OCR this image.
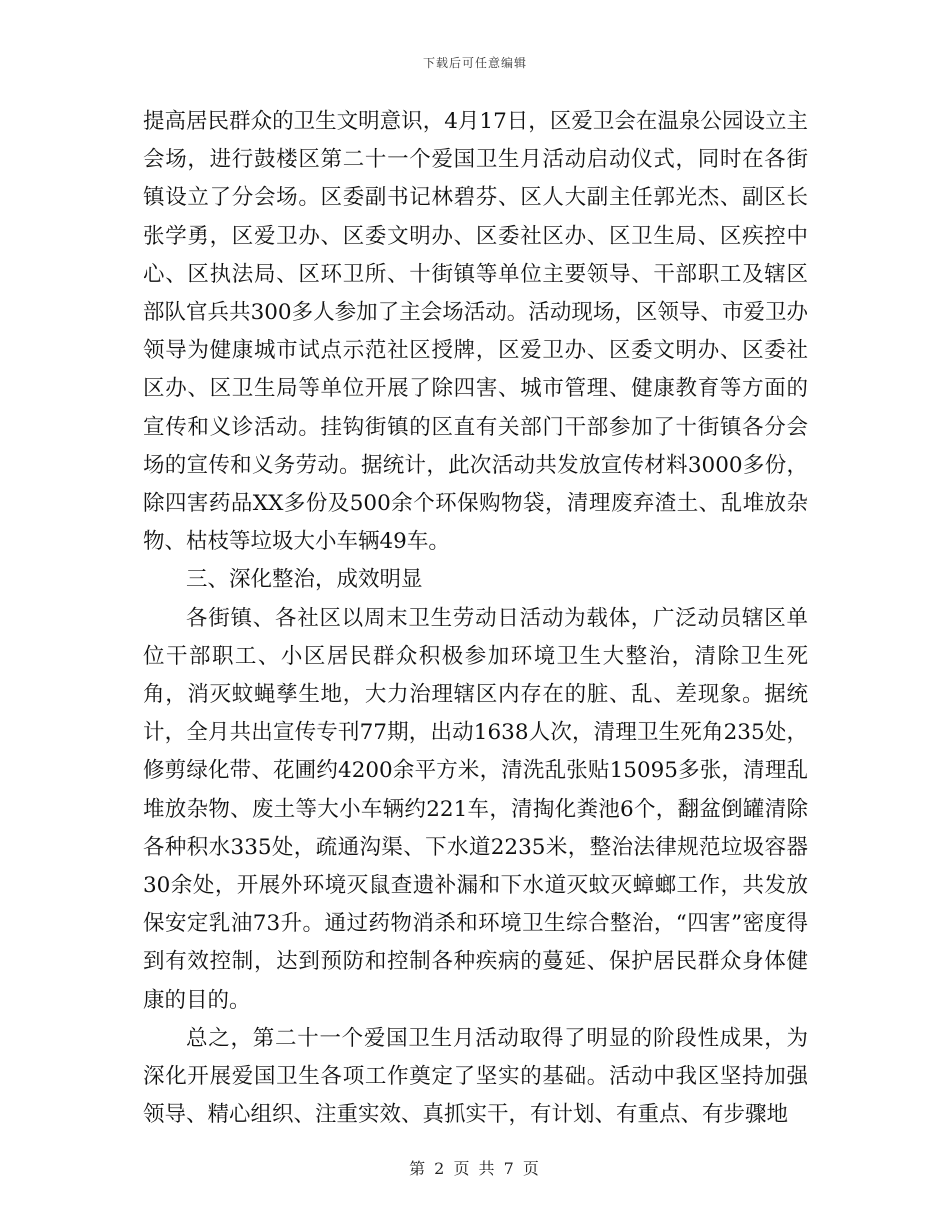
下载后可任意编辑

提高居民群众的卫生文明意识，4月17日，区爱卫会在温泉公园设立主会场，进行鼓楼区第二十一个爱国卫生月活动启动仪式，同时在各街镇设立了分会场。区委副书记林碧芬、区人大副主任郭光杰、副区长张学勇，区爱卫办、区委文明办、区委社区办、区卫生局、区疾控中心、区执法局、区环卫所、十街镇等单位主要领导、干部职工及辖区部队官兵共300多人参加了主会场活动。活动现场，区领导、市爱卫办领导为健康城市试点示范社区授牌，区爱卫办、区委文明办、区委社区办、区卫生局等单位开展了除四害、城市管理、健康教育等方面的宣传和义诊活动。挂钩街镇的区直有关部门干部参加了十街镇各分会场的宣传和义务劳动。据统计，此次活动共发放宣传材料3000多份，除四害药品XX多份及500余个环保购物袋，清理废弃渣土、乱堆放杂物、枯枝等垃圾大小车辆49车。

三、深化整治，成效明显

各街镇、各社区以周末卫生劳动日活动为载体，广泛动员辖区单位干部职工、小区居民群众积极参加环境卫生大整治，清除卫生死角，消灭蚊蝇孳生地，大力治理辖区内存在的脏、乱、差现象。据统计，全月共出宣传专刊77期，出动1638人次，清理卫生死角235处，修剪绿化带、花圃约4200余平方米，清洗乱张贴15095多张，清理乱堆放杂物、废土等大小车辆约221车，清掏化粪池6个，翻盆倒罐清除各种积水335处，疏通沟渠、下水道2235米，整治法律规范垃圾容器30余处，开展外环境灭鼠查遗补漏和下水道灭蚊灭蟑螂工作，共发放保安定乳油73升。通过药物消杀和环境卫生综合整治，“四害”密度得到有效控制，达到预防和控制各种疾病的蔓延、保护居民群众身体健康的目的。

总之，第二十一个爱国卫生月活动取得了明显的阶段性成果，为深化开展爱国卫生各项工作奠定了坚实的基础。活动中我区坚持加强领导、精心组织、注重实效、真抓实干，有计划、有重点、有步骤地

第 2 页 共 7 页
